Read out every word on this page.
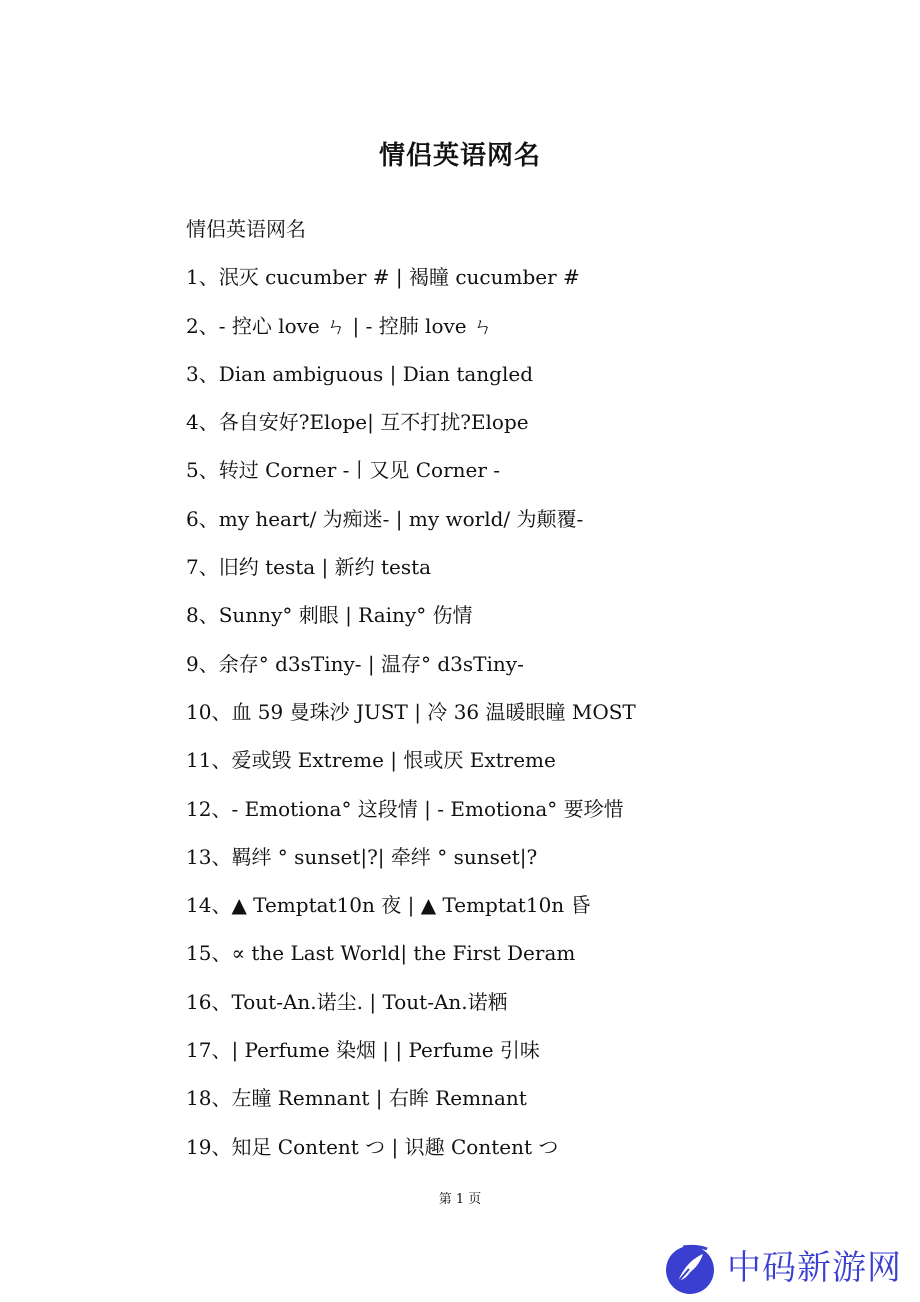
情侣英语网名
情侣英语网名
1、泯灭 cucumber # | 褐瞳 cucumber #
2、- 控心 love ㄣ | - 控肺 love ㄣ
3、Dian ambiguous | Dian tangled
4、各自安好?Elope| 互不打扰?Elope
5、转过 Corner -丨又见 Corner -
6、my heart/ 为痴迷- | my world/ 为颠覆-
7、旧约 testa | 新约 testa
8、Sunny° 刺眼 | Rainy° 伤情
9、余存° d3sTiny- | 温存° d3sTiny-
10、血 59 曼珠沙 JUST | 冷 36 温暖眼瞳 MOST
11、爱或毁 Extreme | 恨或厌 Extreme
12、- Emotiona° 这段情 | - Emotiona° 要珍惜
13、羁绊 ° sunset|?| 牵绊 ° sunset|?
14、▲ Temptat10n 夜 | ▲ Temptat10n 昏
15、∝ the Last World| the First Deram
16、Tout-An.诺尘. | Tout-An.诺粞
17、| Perfume 染烟 | | Perfume 引味
18、左瞳 Remnant | 右眸 Remnant
19、知足 Content つ | 识趣 Content つ
第 1 页
中码新游网
